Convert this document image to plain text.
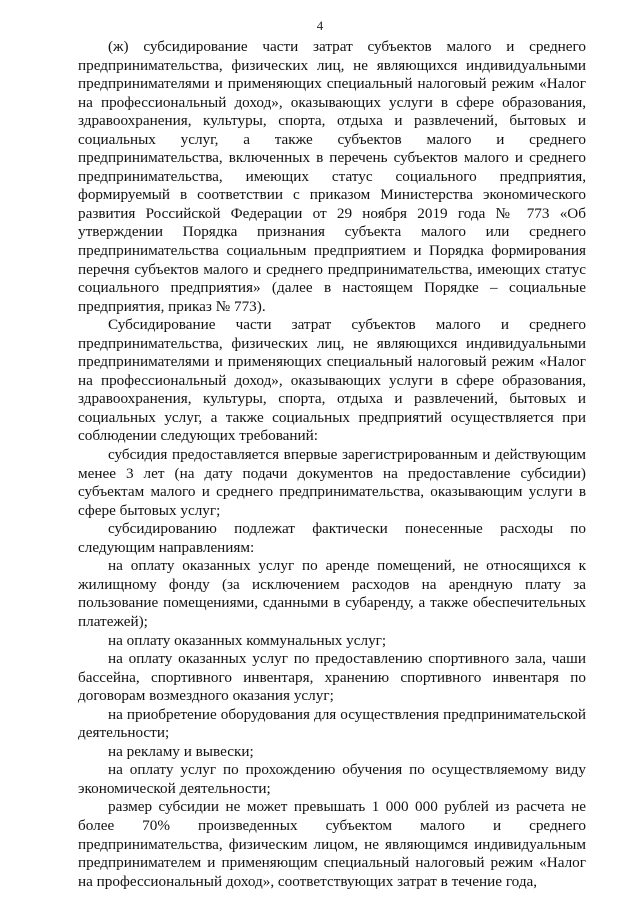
4

(ж) субсидирование части затрат субъектов малого и среднего предпринимательства, физических лиц, не являющихся индивидуальными предпринимателями и применяющих специальный налоговый режим «Налог на профессиональный доход», оказывающих услуги в сфере образования, здравоохранения, культуры, спорта, отдыха и развлечений, бытовых и социальных услуг, а также субъектов малого и среднего предпринимательства, включенных в перечень субъектов малого и среднего предпринимательства, имеющих статус социального предприятия, формируемый в соответствии с приказом Министерства экономического развития Российской Федерации от 29 ноября 2019 года № 773 «Об утверждении Порядка признания субъекта малого или среднего предпринимательства социальным предприятием и Порядка формирования перечня субъектов малого и среднего предпринимательства, имеющих статус социального предприятия» (далее в настоящем Порядке – социальные предприятия, приказ № 773).

Субсидирование части затрат субъектов малого и среднего предпринимательства, физических лиц, не являющихся индивидуальными предпринимателями и применяющих специальный налоговый режим «Налог на профессиональный доход», оказывающих услуги в сфере образования, здравоохранения, культуры, спорта, отдыха и развлечений, бытовых и социальных услуг, а также социальных предприятий осуществляется при соблюдении следующих требований:

субсидия предоставляется впервые зарегистрированным и действующим менее 3 лет (на дату подачи документов на предоставление субсидии) субъектам малого и среднего предпринимательства, оказывающим услуги в сфере бытовых услуг;

субсидированию подлежат фактически понесенные расходы по следующим направлениям:

на оплату оказанных услуг по аренде помещений, не относящихся к жилищному фонду (за исключением расходов на арендную плату за пользование помещениями, сданными в субаренду, а также обеспечительных платежей);

на оплату оказанных коммунальных услуг;

на оплату оказанных услуг по предоставлению спортивного зала, чаши бассейна, спортивного инвентаря, хранению спортивного инвентаря по договорам возмездного оказания услуг;

на приобретение оборудования для осуществления предпринимательской деятельности;

на рекламу и вывески;

на оплату услуг по прохождению обучения по осуществляемому виду экономической деятельности;

размер субсидии не может превышать 1 000 000 рублей из расчета не более 70% произведенных субъектом малого и среднего предпринимательства, физическим лицом, не являющимся индивидуальным предпринимателем и применяющим специальный налоговый режим «Налог на профессиональный доход», соответствующих затрат в течение года,
